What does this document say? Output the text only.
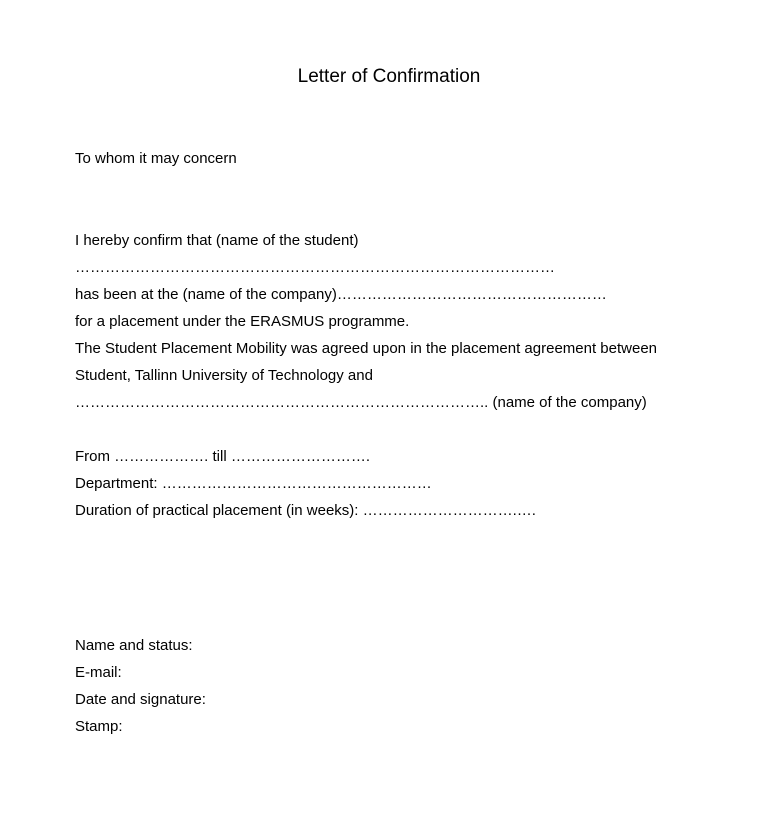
Letter of Confirmation
To whom it may concern
I hereby confirm that (name of the student)
……………………………………………………………………………………
has been at the (name of the company)………………………………………………
for a placement under the ERASMUS programme.
The Student Placement Mobility was agreed upon in the placement agreement between
Student, Tallinn University of Technology and
……………………………………………………………………….. (name of the company)
From ………………. till ……………………….
Department: ………………………………………………
Duration of practical placement (in weeks): ………………………….….
Name and status:
E-mail:
Date and signature:
Stamp:
